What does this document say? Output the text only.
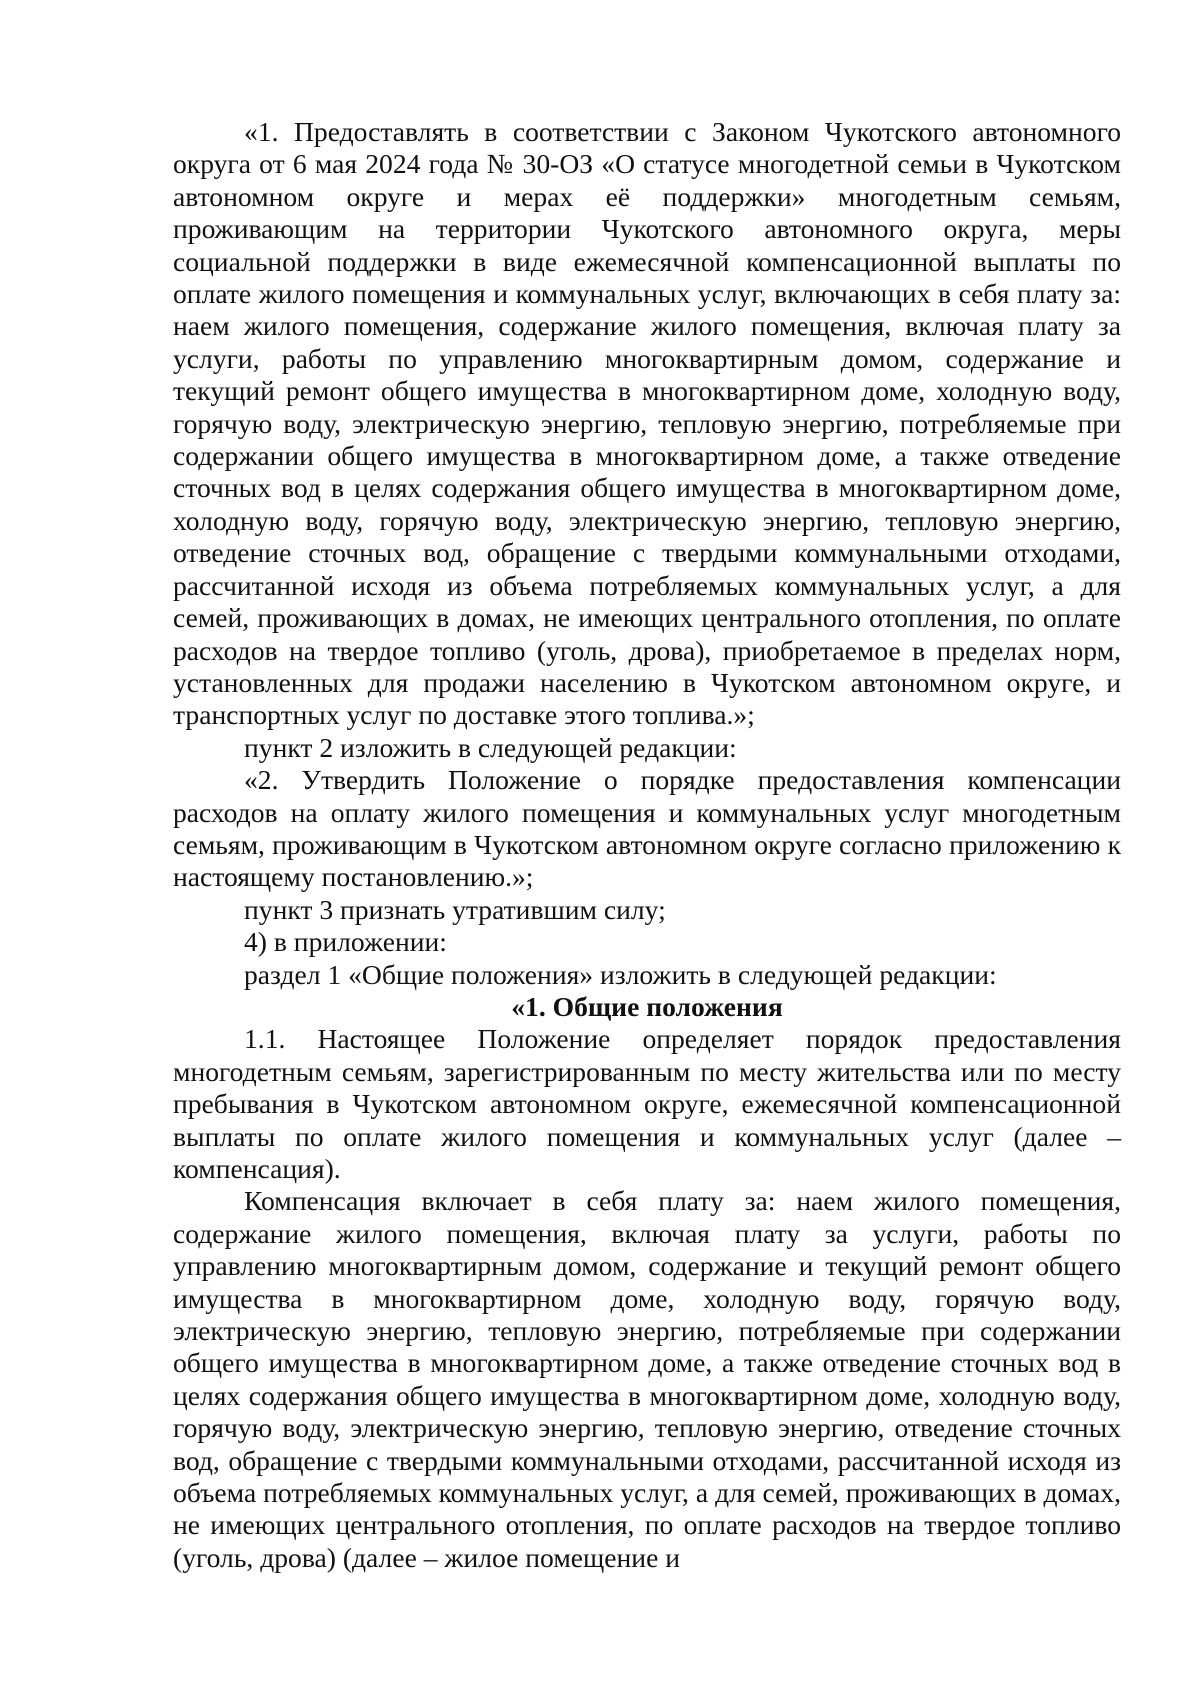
«1. Предоставлять в соответствии с Законом Чукотского автономного округа от 6 мая 2024 года № 30-ОЗ «О статусе многодетной семьи в Чукотском автономном округе и мерах её поддержки» многодетным семьям, проживающим на территории Чукотского автономного округа, меры социальной поддержки в виде ежемесячной компенсационной выплаты по оплате жилого помещения и коммунальных услуг, включающих в себя плату за: наем жилого помещения, содержание жилого помещения, включая плату за услуги, работы по управлению многоквартирным домом, содержание и текущий ремонт общего имущества в многоквартирном доме, холодную воду, горячую воду, электрическую энергию, тепловую энергию, потребляемые при содержании общего имущества в многоквартирном доме, а также отведение сточных вод в целях содержания общего имущества в многоквартирном доме, холодную воду, горячую воду, электрическую энергию, тепловую энергию, отведение сточных вод, обращение с твердыми коммунальными отходами, рассчитанной исходя из объема потребляемых коммунальных услуг, а для семей, проживающих в домах, не имеющих центрального отопления, по оплате расходов на твердое топливо (уголь, дрова), приобретаемое в пределах норм, установленных для продажи населению в Чукотском автономном округе, и транспортных услуг по доставке этого топлива.»;

пункт 2 изложить в следующей редакции:

«2. Утвердить Положение о порядке предоставления компенсации расходов на оплату жилого помещения и коммунальных услуг многодетным семьям, проживающим в Чукотском автономном округе согласно приложению к настоящему постановлению.»;

пункт 3 признать утратившим силу;

4) в приложении:

раздел 1 «Общие положения» изложить в следующей редакции:

«1. Общие положения

1.1. Настоящее Положение определяет порядок предоставления многодетным семьям, зарегистрированным по месту жительства или по месту пребывания в Чукотском автономном округе, ежемесячной компенсационной выплаты по оплате жилого помещения и коммунальных услуг (далее – компенсация).

Компенсация включает в себя плату за: наем жилого помещения, содержание жилого помещения, включая плату за услуги, работы по управлению многоквартирным домом, содержание и текущий ремонт общего имущества в многоквартирном доме, холодную воду, горячую воду, электрическую энергию, тепловую энергию, потребляемые при содержании общего имущества в многоквартирном доме, а также отведение сточных вод в целях содержания общего имущества в многоквартирном доме, холодную воду, горячую воду, электрическую энергию, тепловую энергию, отведение сточных вод, обращение с твердыми коммунальными отходами, рассчитанной исходя из объема потребляемых коммунальных услуг, а для семей, проживающих в домах, не имеющих центрального отопления, по оплате расходов на твердое топливо (уголь, дрова) (далее – жилое помещение и
